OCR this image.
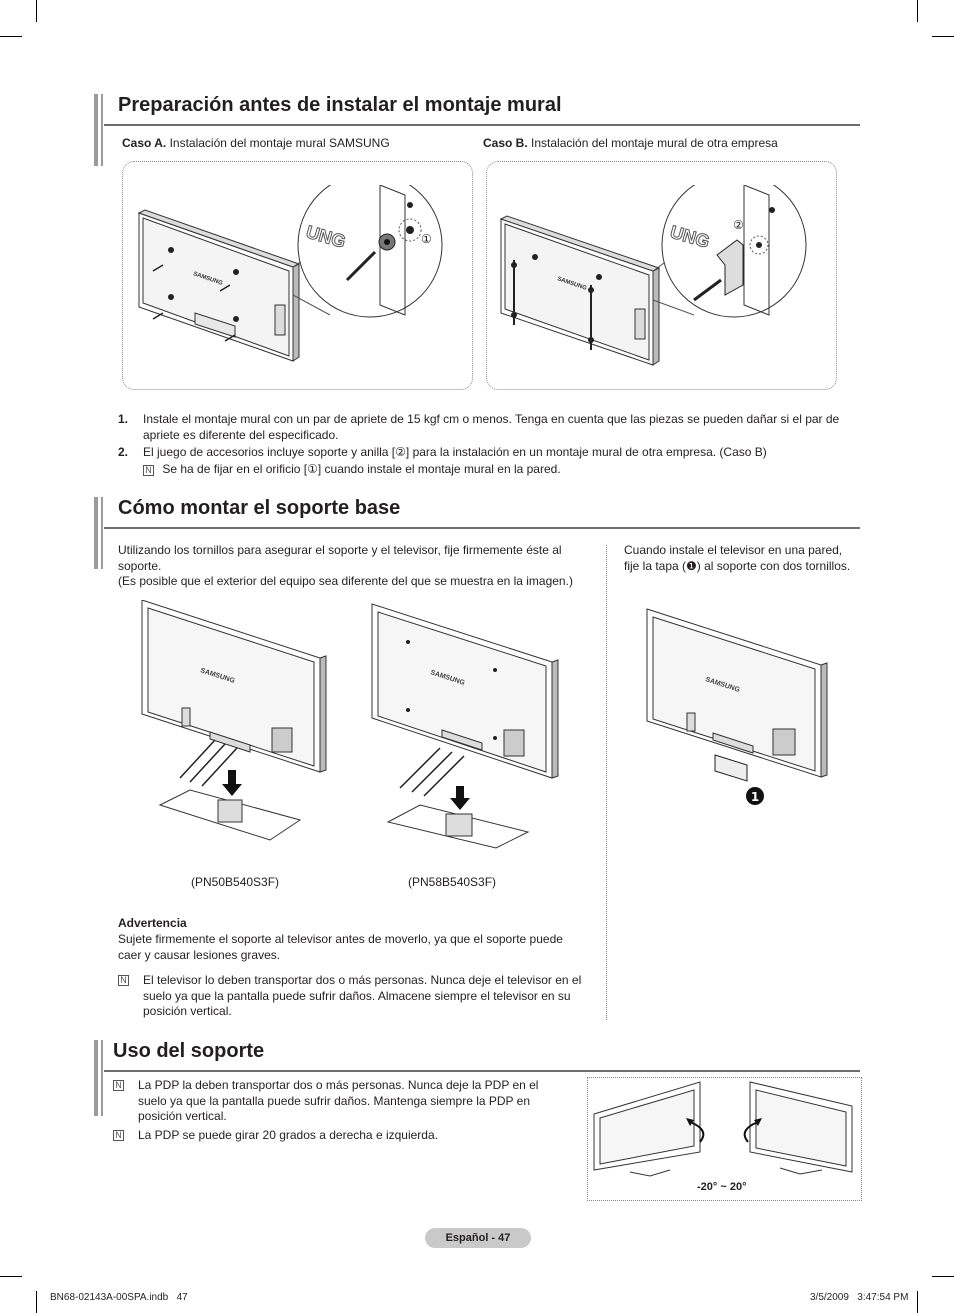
Preparación antes de instalar el montaje mural
Caso A. Instalación del montaje mural SAMSUNG	Caso B. Instalación del montaje mural de otra empresa
SAMSUNG
UNG	①
SAMSUNG
UNG ②
1. Instale el montaje mural con un par de apriete de 15 kgf cm o menos. Tenga en cuenta que las piezas se pueden dañar si el par de apriete es diferente del especificado.
2. El juego de accesorios incluye soporte y anilla [②] para la instalación en un montaje mural de otra empresa. (Caso B)
N Se ha de fijar en el orificio [①] cuando instale el montaje mural en la pared.
Cómo montar el soporte base
Utilizando los tornillos para asegurar el soporte y el televisor, fije firmemente éste al soporte.
(Es posible que el exterior del equipo sea diferente del que se muestra en la imagen.)
Cuando instale el televisor en una pared, fije la tapa (❶) al soporte con dos tornillos.
SAMSUNG	SAMSUNG
(PN50B540S3F)	(PN58B540S3F)
SAMSUNG
1
Advertencia
Sujete firmemente el soporte al televisor antes de moverlo, ya que el soporte puede caer y causar lesiones graves.
N El televisor lo deben transportar dos o más personas. Nunca deje el televisor en el suelo ya que la pantalla puede sufrir daños. Almacene siempre el televisor en su posición vertical.
Uso del soporte
N La PDP la deben transportar dos o más personas. Nunca deje la PDP en el suelo ya que la pantalla puede sufrir daños. Mantenga siempre la PDP en posición vertical.
N La PDP se puede girar 20 grados a derecha e izquierda.
-20° ~ 20°
Español - 47
BN68-02143A-00SPA.indb   47	3/5/2009   3:47:54 PM
